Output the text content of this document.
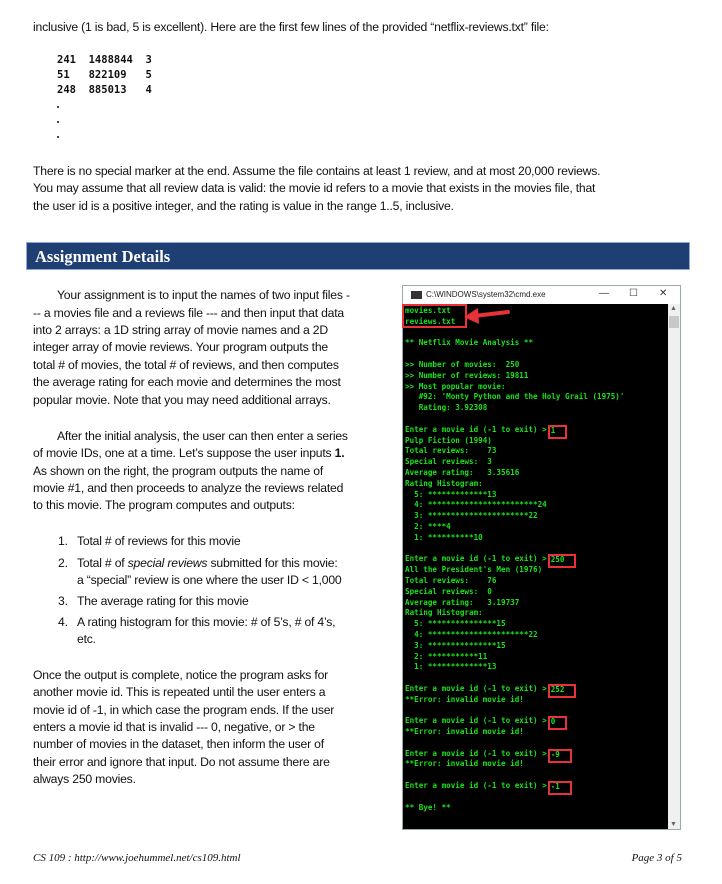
inclusive (1 is bad, 5 is excellent). Here are the first few lines of the provided “netflix-reviews.txt” file:
241  1488844  3
51   822109   5
248  885013   4
There is no special marker at the end. Assume the file contains at least 1 review, and at most 20,000 reviews.
You may assume that all review data is valid: the movie id refers to a movie that exists in the movies file, that
the user id is a positive integer, and the rating is value in the range 1..5, inclusive.
Assignment Details
Your assignment is to input the names of two input files -
-- a movies file and a reviews file --- and then input that data
into 2 arrays: a 1D string array of movie names and a 2D
integer array of movie reviews. Your program outputs the
total # of movies, the total # of reviews, and then computes
the average rating for each movie and determines the most
popular movie. Note that you may need additional arrays.
After the initial analysis, the user can then enter a series
of movie IDs, one at a time. Let’s suppose the user inputs 1.
As shown on the right, the program outputs the name of
movie #1, and then proceeds to analyze the reviews related
to this movie. The program computes and outputs:
1. Total # of reviews for this movie
2. Total # of special reviews submitted for this movie:
a “special” review is one where the user ID < 1,000
3. The average rating for this movie
4. A rating histogram for this movie: # of 5’s, # of 4’s,
etc.
Once the output is complete, notice the program asks for
another movie id. This is repeated until the user enters a
movie id of -1, in which case the program ends. If the user
enters a movie id that is invalid --- 0, negative, or > the
number of movies in the dataset, then inform the user of
their error and ignore that input. Do not assume there are
always 250 movies.
C:\WINDOWS\system32\cmd.exe	— ☐ ✕
movies.txt
reviews.txt
** Netflix Movie Analysis **
>> Number of movies:  250
>> Number of reviews: 19811
>> Most popular movie:
#92: 'Monty Python and the Holy Grail (1975)'
Rating: 3.92308
Enter a movie id (-1 to exit) > 1
Pulp Fiction (1994)
Total reviews:    73
Special reviews:  3
Average rating:   3.35616
Rating Histogram:
5: *************13
4: ************************24
3: **********************22
2: ****4
1: **********10
Enter a movie id (-1 to exit) > 250
All the President's Men (1976)
Total reviews:    76
Special reviews:  0
Average rating:   3.19737
Rating Histogram:
5: ***************15
4: **********************22
3: ***************15
2: ***********11
1: *************13
Enter a movie id (-1 to exit) > 252
**Error: invalid movie id!
Enter a movie id (-1 to exit) > 0
**Error: invalid movie id!
Enter a movie id (-1 to exit) > -9
**Error: invalid movie id!
Enter a movie id (-1 to exit) > -1
** Bye! **
▲
▼
CS 109 : http://www.joehummel.net/cs109.html	Page 3 of 5
